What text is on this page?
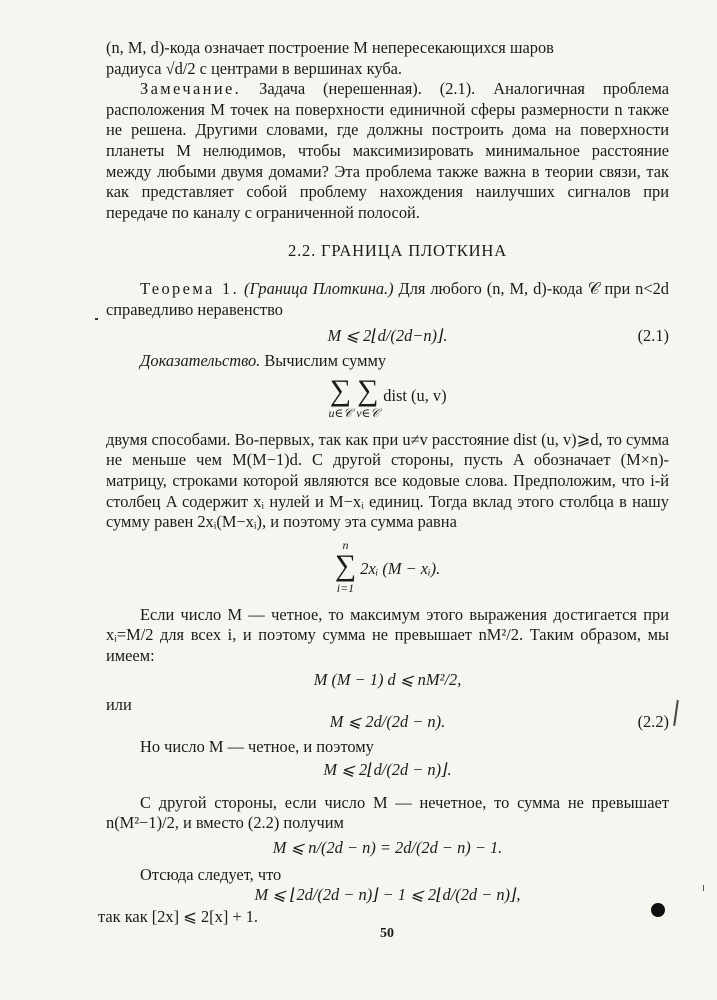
(n, M, d)-кода означает построение M непересекающихся шаров

радиуса √d/2 с центрами в вершинах куба.

Замечание. Задача (нерешенная). (2.1). Аналогичная проблема расположения M точек на поверхности единичной сферы размерности n также не решена. Другими словами, где должны построить дома на поверхности планеты M нелюдимов, чтобы максимизировать минимальное расстояние между любыми двумя домами? Эта проблема также важна в теории связи, так как представляет собой проблему нахождения наилучших сигналов при передаче по каналу с ограниченной полосой.

2.2. ГРАНИЦА ПЛОТКИНА

Теорема 1. (Граница Плоткина.) Для любого (n, M, d)-кода 𝒞 при n<2d справедливо неравенство

M ⩽ 2⌊d/(2d−n)⌋.	(2.1)

Доказательство. Вычислим сумму

∑
u∈𝒞

∑
v∈𝒞
dist (u, v)

двумя способами. Во-первых, так как при u≠v расстояние dist (u, v)⩾d, то сумма не меньше чем M(M−1)d. С другой стороны, пусть A обозначает (M×n)-матрицу, строками которой являются все кодовые слова. Предположим, что i-й столбец A содержит xᵢ нулей и M−xᵢ единиц. Тогда вклад этого столбца в нашу сумму равен 2xᵢ(M−xᵢ), и поэтому эта сумма равна

n
∑
i=1
2xᵢ (M − xᵢ).

Если число M — четное, то максимум этого выражения достигается при xᵢ=M/2 для всех i, и поэтому сумма не превышает nM²/2. Таким образом, мы имеем:

M (M − 1) d ⩽ nM²/2,

или

M ⩽ 2d/(2d − n).	(2.2)

Но число M — четное, и поэтому

M ⩽ 2⌊d/(2d − n)⌋.

С другой стороны, если число M — нечетное, то сумма не превышает n(M²−1)/2, и вместо (2.2) получим

M ⩽ n/(2d − n) = 2d/(2d − n) − 1.

Отсюда следует, что

M ⩽ ⌊2d/(2d − n)⌋ − 1 ⩽ 2⌊d/(2d − n)⌋,

так как [2x] ⩽ 2[x] + 1.

50
